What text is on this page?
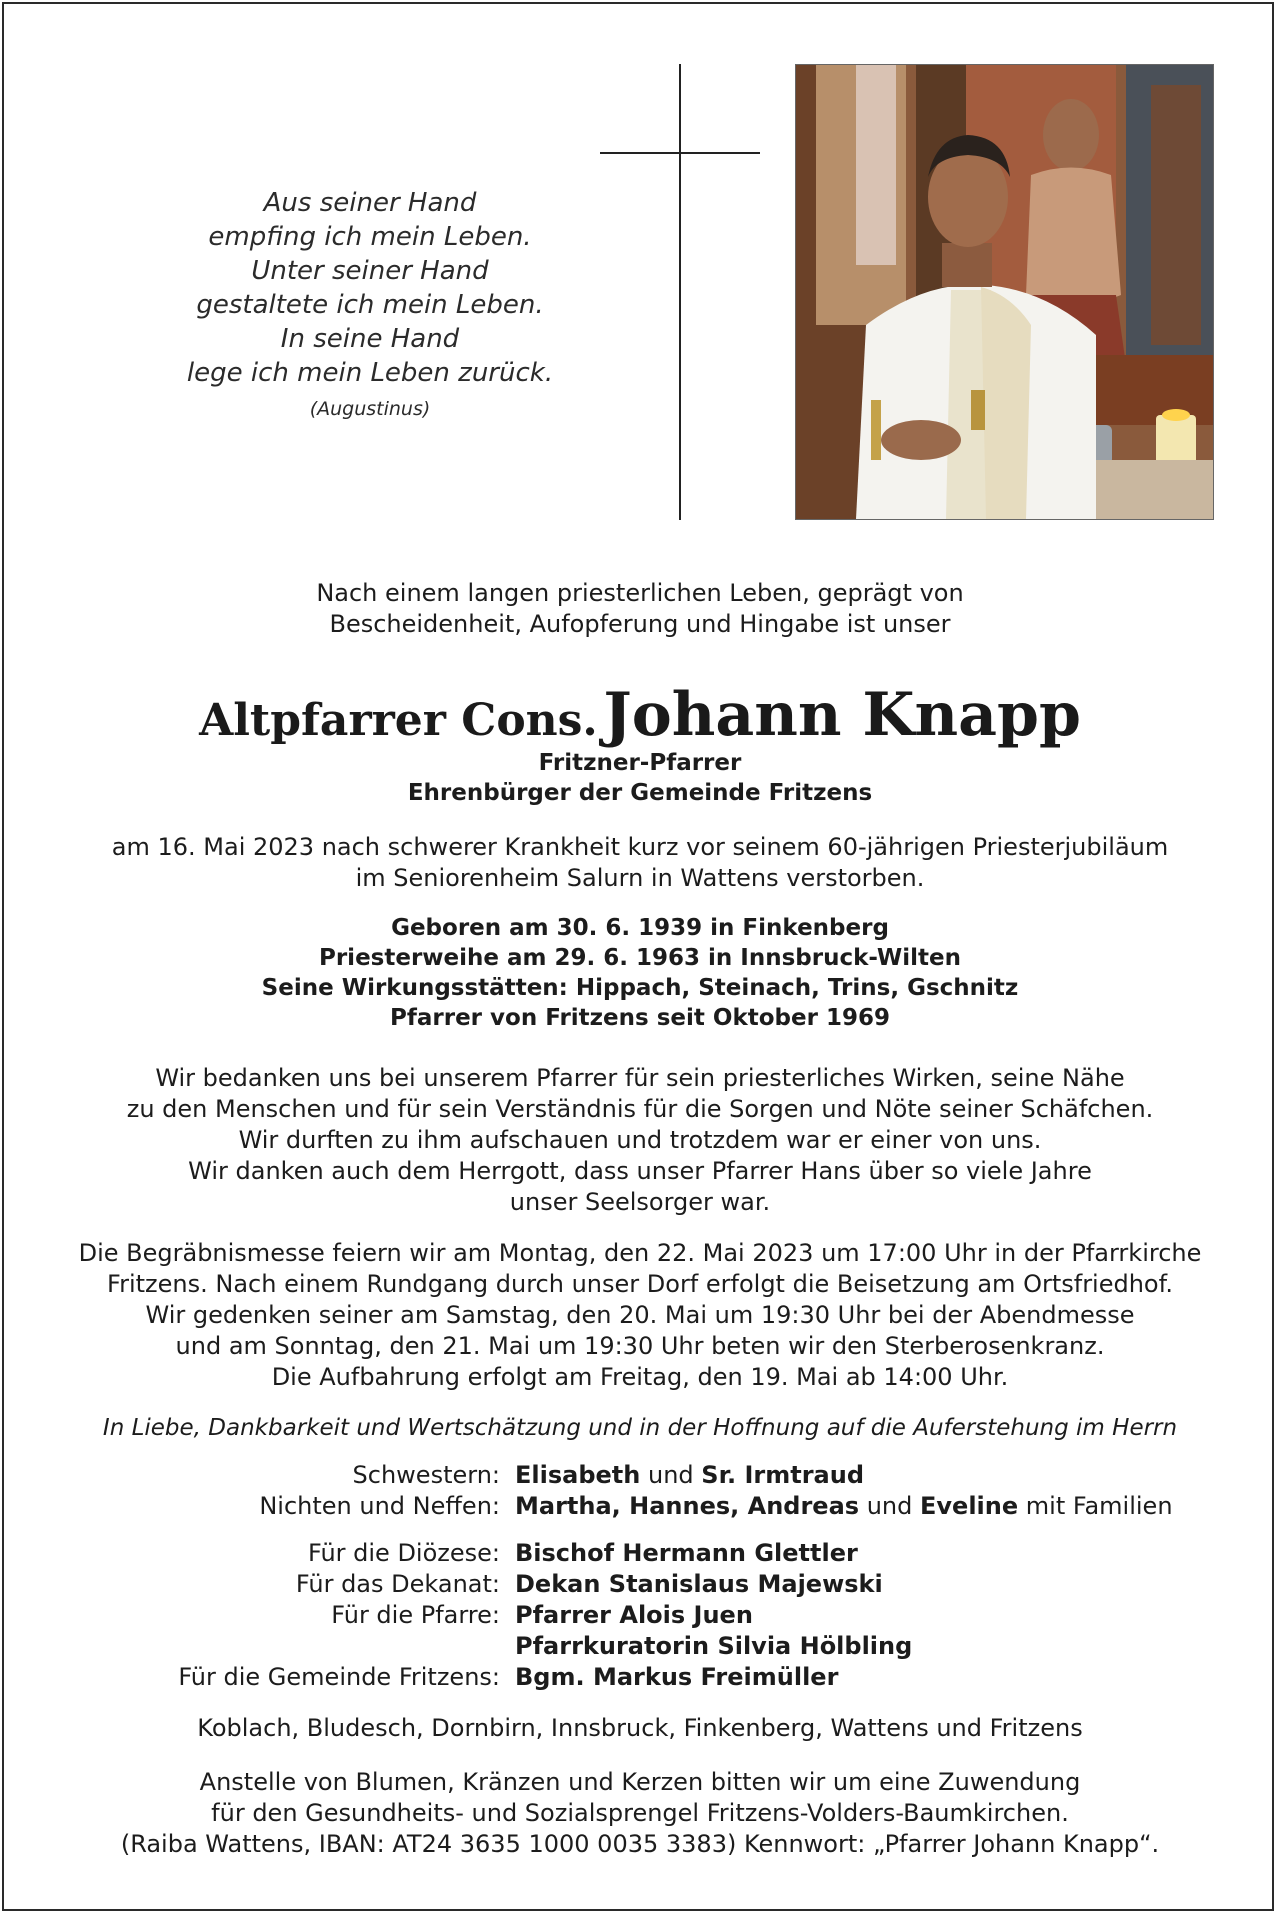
Aus seiner Hand
empfing ich mein Leben.
Unter seiner Hand
gestaltete ich mein Leben.
In seine Hand
lege ich mein Leben zurück.
(Augustinus)
Nach einem langen priesterlichen Leben, geprägt von
Bescheidenheit, Aufopferung und Hingabe ist unser
Altpfarrer Cons. Johann Knapp
Fritzner-Pfarrer
Ehrenbürger der Gemeinde Fritzens
am 16. Mai 2023 nach schwerer Krankheit kurz vor seinem 60-jährigen Priesterjubiläum
im Seniorenheim Salurn in Wattens verstorben.
Geboren am 30. 6. 1939 in Finkenberg
Priesterweihe am 29. 6. 1963 in Innsbruck-Wilten
Seine Wirkungsstätten: Hippach, Steinach, Trins, Gschnitz
Pfarrer von Fritzens seit Oktober 1969
Wir bedanken uns bei unserem Pfarrer für sein priesterliches Wirken, seine Nähe
zu den Menschen und für sein Verständnis für die Sorgen und Nöte seiner Schäfchen.
Wir durften zu ihm aufschauen und trotzdem war er einer von uns.
Wir danken auch dem Herrgott, dass unser Pfarrer Hans über so viele Jahre
unser Seelsorger war.
Die Begräbnismesse feiern wir am Montag, den 22. Mai 2023 um 17:00 Uhr in der Pfarrkirche
Fritzens. Nach einem Rundgang durch unser Dorf erfolgt die Beisetzung am Ortsfriedhof.
Wir gedenken seiner am Samstag, den 20. Mai um 19:30 Uhr bei der Abendmesse
und am Sonntag, den 21. Mai um 19:30 Uhr beten wir den Sterberosenkranz.
Die Aufbahrung erfolgt am Freitag, den 19. Mai ab 14:00 Uhr.
In Liebe, Dankbarkeit und Wertschätzung und in der Hoffnung auf die Auferstehung im Herrn
Schwestern: Elisabeth und Sr. Irmtraud
Nichten und Neffen: Martha, Hannes, Andreas und Eveline mit Familien
Für die Diözese: Bischof Hermann Glettler
Für das Dekanat: Dekan Stanislaus Majewski
Für die Pfarre: Pfarrer Alois Juen
Pfarrkuratorin Silvia Hölbling
Für die Gemeinde Fritzens: Bgm. Markus Freimüller
Koblach, Bludesch, Dornbirn, Innsbruck, Finkenberg, Wattens und Fritzens
Anstelle von Blumen, Kränzen und Kerzen bitten wir um eine Zuwendung
für den Gesundheits- und Sozialsprengel Fritzens-Volders-Baumkirchen.
(Raiba Wattens, IBAN: AT24 3635 1000 0035 3383) Kennwort: „Pfarrer Johann Knapp“.
